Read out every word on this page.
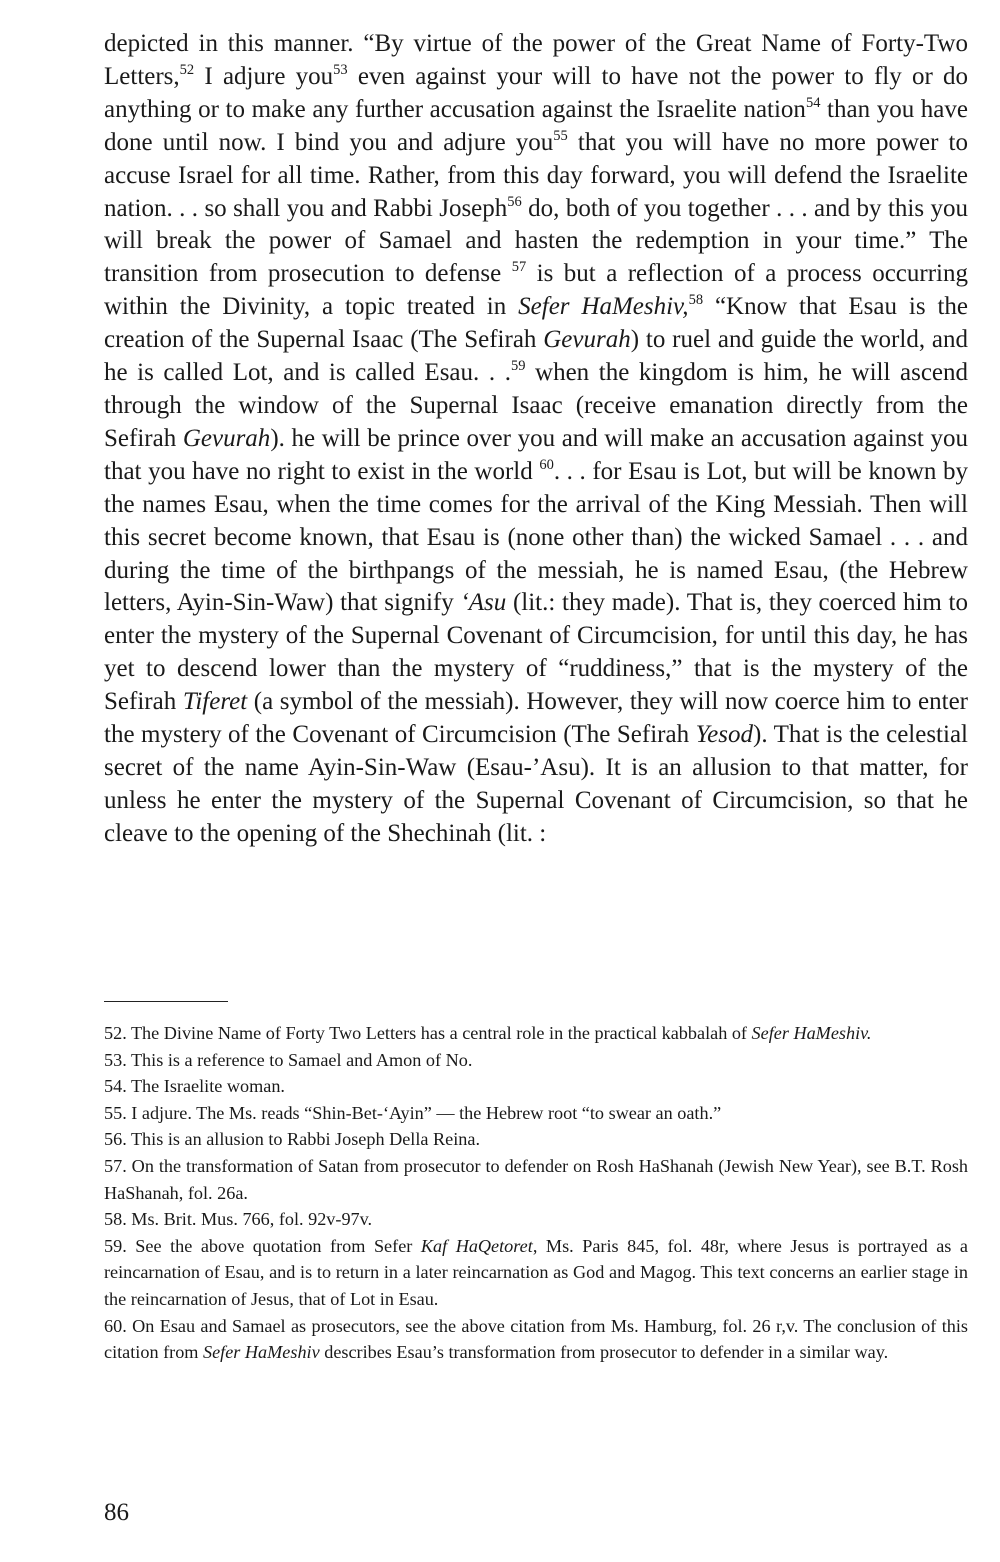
depicted in this manner. “By virtue of the power of the Great Name of Forty-Two Letters,$^{52}$ I adjure you$^{53}$ even against your will to have not the power to fly or do anything or to make any further accusation against the Israelite nation$^{54}$ than you have done until now. I bind you and adjure you$^{55}$ that you will have no more power to accuse Israel for all time. Rather, from this day forward, you will defend the Israelite nation. . . so shall you and Rabbi Joseph$^{56}$ do, both of you together . . . and by this you will break the power of Samael and hasten the redemption in your time.” The transition from prosecution to defense $^{57}$ is but a reflection of a process occurring within the Divinity, a topic treated in Sefer HaMeshiv,$^{58}$ “Know that Esau is the creation of the Supernal Isaac (The Sefirah Gevurah) to ruel and guide the world, and he is called Lot, and is called Esau. . .$^{59}$ when the kingdom is him, he will ascend through the window of the Supernal Isaac (receive emanation directly from the Sefirah Gevurah). he will be prince over you and will make an accusation against you that you have no right to exist in the world $^{60}$. . . for Esau is Lot, but will be known by the names Esau, when the time comes for the arrival of the King Messiah. Then will this secret become known, that Esau is (none other than) the wicked Samael . . . and during the time of the birthpangs of the messiah, he is named Esau, (the Hebrew letters, Ayin-Sin-Waw) that signify ‘Asu (lit.: they made). That is, they coerced him to enter the mystery of the Supernal Covenant of Circumcision, for until this day, he has yet to descend lower than the mystery of “ruddiness,” that is the mystery of the Sefirah Tiferet (a symbol of the messiah). However, they will now coerce him to enter the mystery of the Covenant of Circumcision (The Sefirah Yesod). That is the celestial secret of the name Ayin-Sin-Waw (Esau-’Asu). It is an allusion to that matter, for unless he enter the mystery of the Supernal Covenant of Circumcision, so that he cleave to the opening of the Shechinah (lit. :

52. The Divine Name of Forty Two Letters has a central role in the practical kabbalah of Sefer HaMeshiv.

53. This is a reference to Samael and Amon of No.

54. The Israelite woman.

55. I adjure. The Ms. reads “Shin-Bet-‘Ayin” — the Hebrew root “to swear an oath.”

56. This is an allusion to Rabbi Joseph Della Reina.

57. On the transformation of Satan from prosecutor to defender on Rosh HaShanah (Jewish New Year), see B.T. Rosh HaShanah, fol. 26a.

58. Ms. Brit. Mus. 766, fol. 92v-97v.

59. See the above quotation from Sefer Kaf HaQetoret, Ms. Paris 845, fol. 48r, where Jesus is portrayed as a reincarnation of Esau, and is to return in a later reincarnation as God and Magog. This text concerns an earlier stage in the reincarnation of Jesus, that of Lot in Esau.

60. On Esau and Samael as prosecutors, see the above citation from Ms. Hamburg, fol. 26 r,v. The conclusion of this citation from Sefer HaMeshiv describes Esau’s transformation from prosecutor to defender in a similar way.

86
